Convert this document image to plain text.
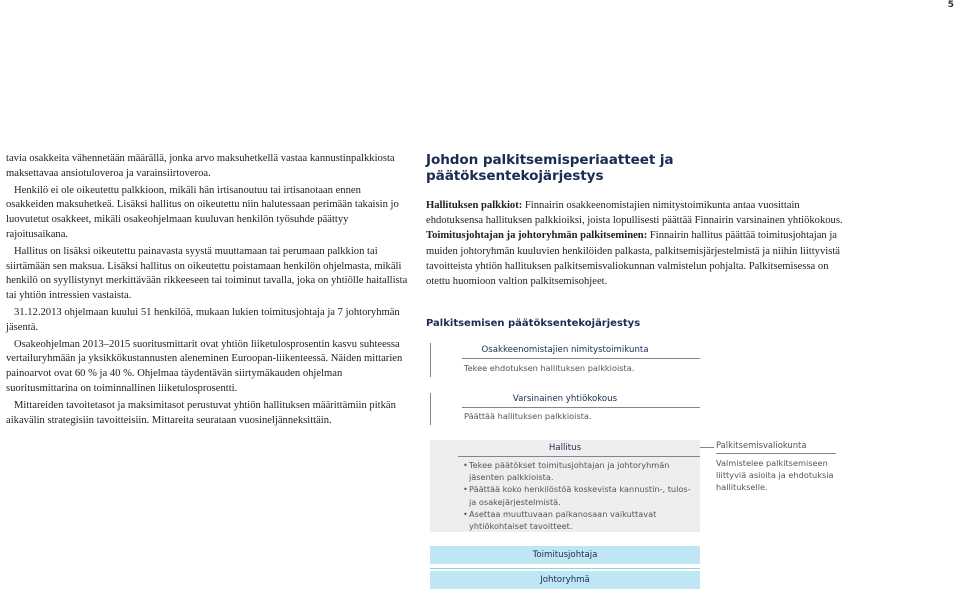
5

tavia osakkeita vähennetään määrällä, jonka arvo maksuhetkellä vastaa kannustinpalkkiosta maksettavaa ansiotuloveroa ja varainsiirtoveroa.

Henkilö ei ole oikeutettu palkkioon, mikäli hän irtisanoutuu tai irtisanotaan ennen osakkeiden maksuhetkeä. Lisäksi hallitus on oikeutettu niin halutessaan perimään takaisin jo luovutetut osakkeet, mikäli osakeohjelmaan kuuluvan henkilön työsuhde päättyy rajoitusaikana.

Hallitus on lisäksi oikeutettu painavasta syystä muuttamaan tai perumaan palkkion tai siirtämään sen maksua. Lisäksi hallitus on oikeutettu poistamaan henkilön ohjelmasta, mikäli henkilö on syyllistynyt merkittävään rikkeeseen tai toiminut tavalla, joka on yhtiölle haitallista tai yhtiön intressien vastaista.

31.12.2013 ohjelmaan kuului 51 henkilöä, mukaan lukien toimitusjohtaja ja 7 johtoryhmän jäsentä.

Osakeohjelman 2013–2015 suoritusmittarit ovat yhtiön liiketulosprosentin kasvu suhteessa vertailuryhmään ja yksikkökustannusten aleneminen Euroopan-liikenteessä. Näiden mittarien painoarvot ovat 60 % ja 40 %. Ohjelmaa täydentävän siirtymäkauden ohjelman suoritusmittarina on toiminnallinen liiketulosprosentti.

Mittareiden tavoitetasot ja maksimitasot perustuvat yhtiön hallituksen määrittämiin pitkän aikavälin strategisiin tavoitteisiin. Mittareita seurataan vuosineljänneksittäin.

Johdon palkitsemisperiaatteet ja päätöksentekojärjestys

Hallituksen palkkiot: Finnairin osakkeenomistajien nimitystoimikunta antaa vuosittain ehdotuksensa hallituksen palkkioiksi, joista lopullisesti päättää Finnairin varsinainen yhtiökokous.

Toimitusjohtajan ja johtoryhmän palkitseminen: Finnairin hallitus päättää toimitusjohtajan ja muiden johtoryhmän kuuluvien henkilöiden palkasta, palkitsemisjärjestelmistä ja niihin liittyvistä tavoitteista yhtiön hallituksen palkitsemisvaliokunnan valmistelun pohjalta. Palkitsemisessa on otettu huomioon valtion palkitsemisohjeet.

Palkitsemisen päätöksentekojärjestys
Osakkeenomistajien nimitystoimikunta
Tekee ehdotuksen hallituksen palkkioista.
Varsinainen yhtiökokous
Päättää hallituksen palkkioista.
Hallitus
• Tekee päätökset toimitusjohtajan ja johtoryhmän jäsenten palkkioista.
• Päättää koko henkilöstöä koskevista kannustin-, tulos- ja osakejärjestelmistä.
• Asettaa muuttuvaan palkanosaan vaikuttavat yhtiökohtaiset tavoitteet.
Palkitsemisvaliokunta
Valmistelee palkitsemiseen liittyviä asioita ja ehdotuksia hallitukselle.
Toimitusjohtaja
Johtoryhmä
